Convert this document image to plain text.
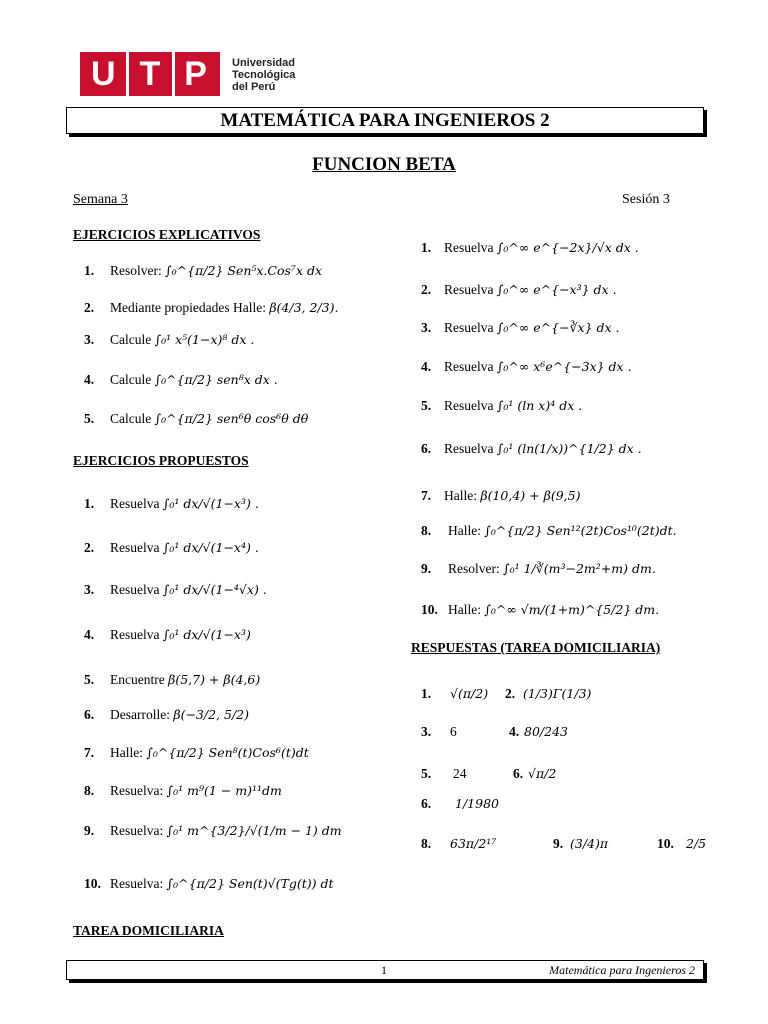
U T P Universidad
Tecnológica
del Perú
MATEMÁTICA PARA INGENIEROS 2
FUNCION BETA
Semana 3	Sesión 3
EJERCICIOS EXPLICATIVOS
1. Resolver: ∫₀^{π/2} Sen⁵x.Cos⁷x dx
2. Mediante propiedades Halle: β(4/3, 2/3).
3. Calcule ∫₀¹ x⁵(1−x)⁸ dx .
4. Calcule ∫₀^{π/2} sen⁸x dx .
5. Calcule ∫₀^{π/2} sen⁶θ cos⁶θ dθ
EJERCICIOS PROPUESTOS
1. Resuelva ∫₀¹ dx/√(1−x³) .
2. Resuelva ∫₀¹ dx/√(1−x⁴) .
3. Resuelva ∫₀¹ dx/√(1−⁴√x) .
4. Resuelva ∫₀¹ dx/√(1−x³)
5. Encuentre β(5,7) + β(4,6)
6. Desarrolle: β(−3/2, 5/2)
7. Halle: ∫₀^{π/2} Sen⁸(t)Cos⁶(t)dt
8. Resuelva: ∫₀¹ m⁹(1 − m)¹¹dm
9. Resuelva: ∫₀¹ m^{3/2}/√(1/m − 1) dm
10. Resuelva: ∫₀^{π/2} Sen(t)√(Tg(t)) dt
TAREA DOMICILIARIA
1. Resuelva ∫₀^∞ e^{−2x}/√x dx .
2. Resuelva ∫₀^∞ e^{−x³} dx .
3. Resuelva ∫₀^∞ e^{−∛x} dx .
4. Resuelva ∫₀^∞ x⁶e^{−3x} dx .
5. Resuelva ∫₀¹ (ln x)⁴ dx .
6. Resuelva ∫₀¹ (ln(1/x))^{1/2} dx .
7. Halle: β(10,4) + β(9,5)
8. Halle: ∫₀^{π/2} Sen¹²(2t)Cos¹⁰(2t)dt.
9. Resolver: ∫₀¹ 1/∛(m³−2m²+m) dm.
10. Halle: ∫₀^∞ √m/(1+m)^{5/2} dm.
RESPUESTAS (TAREA DOMICILIARIA)
1. √(π/2) 2. (1/3)Γ(1/3)
3. 6	4. 80/243
5. 24	6. √π/2
6. 1/1980
8. 63π/2¹⁷	9. (3/4)π	10. 2/5
1	Matemática para Ingenieros 2
